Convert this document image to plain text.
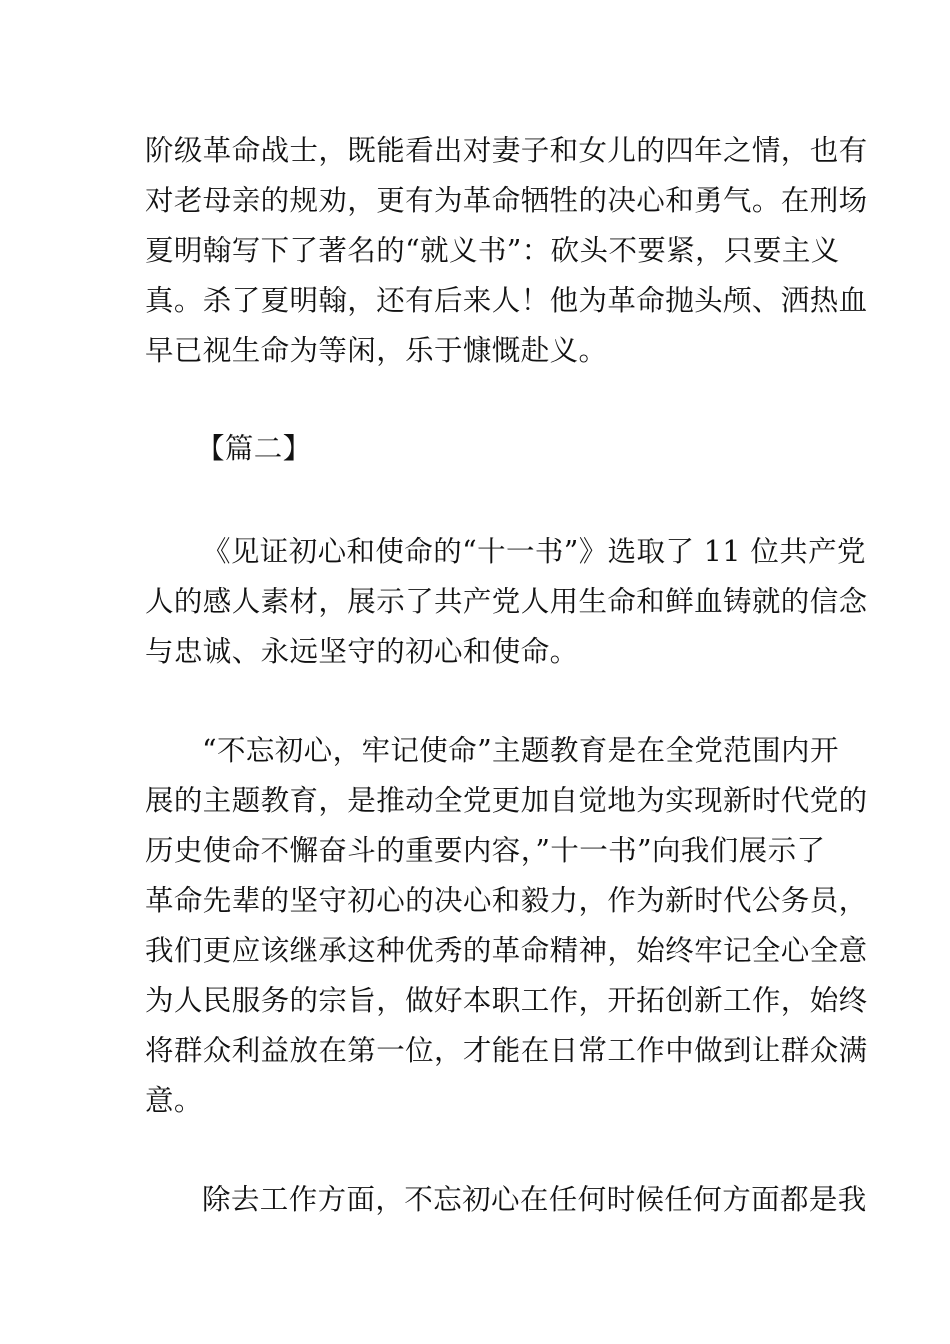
阶级革命战士，既能看出对妻子和女儿的四年之情，也有
对老母亲的规劝，更有为革命牺牲的决心和勇气。在刑场
夏明翰写下了著名的“就义书”：砍头不要紧，只要主义
真。杀了夏明翰，还有后来人！他为革命抛头颅、洒热血
早已视生命为等闲，乐于慷慨赴义。
【篇二】
《见证初心和使命的“十一书”》选取了 11 位共产党
人的感人素材，展示了共产党人用生命和鲜血铸就的信念
与忠诚、永远坚守的初心和使命。
“不忘初心，牢记使命”主题教育是在全党范围内开
展的主题教育，是推动全党更加自觉地为实现新时代党的
历史使命不懈奋斗的重要内容，”十一书”向我们展示了
革命先辈的坚守初心的决心和毅力，作为新时代公务员，
我们更应该继承这种优秀的革命精神，始终牢记全心全意
为人民服务的宗旨，做好本职工作，开拓创新工作，始终
将群众利益放在第一位，才能在日常工作中做到让群众满
意。
除去工作方面，不忘初心在任何时候任何方面都是我
